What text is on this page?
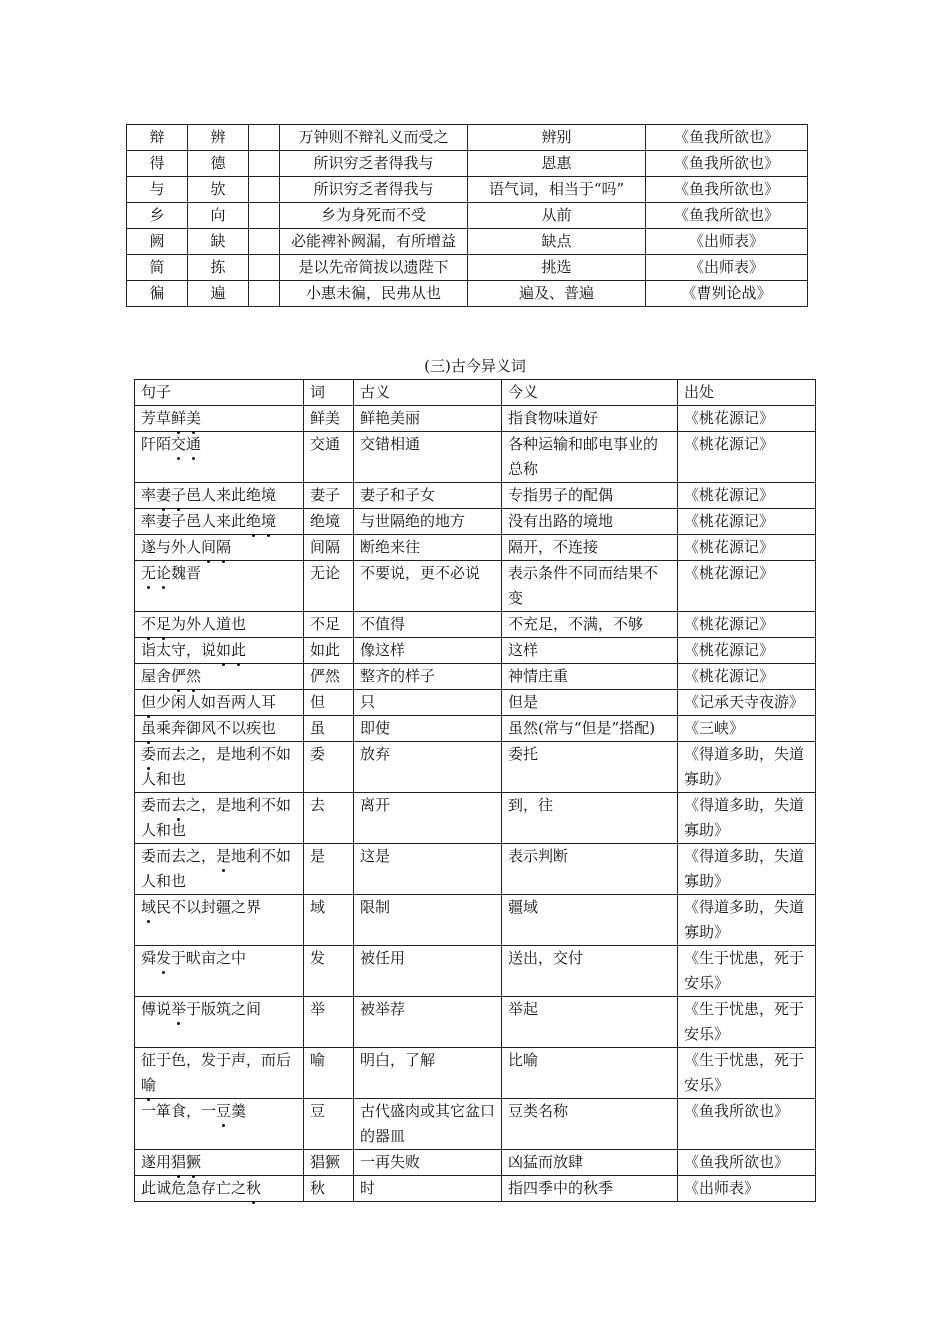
辩	辨		万钟则不辩礼义而受之	辨别	《鱼我所欲也》
得	德		所识穷乏者得我与	恩惠	《鱼我所欲也》
与	欤		所识穷乏者得我与	语气词，相当于“吗”	《鱼我所欲也》
乡	向		乡为身死而不受	从前	《鱼我所欲也》
阙	缺		必能裨补阙漏，有所增益	缺点	《出师表》
简	拣		是以先帝简拔以遗陛下	挑选	《出师表》
徧	遍		小惠未徧，民弗从也	遍及、普遍	《曹刿论战》
(三)古今异义词
句子	词	古义	今义	出处
芳草鲜美	鲜美	鲜艳美丽	指食物味道好	《桃花源记》
阡陌交通	交通	交错相通	各种运输和邮电事业的总称	《桃花源记》
率妻子邑人来此绝境	妻子	妻子和子女	专指男子的配偶	《桃花源记》
率妻子邑人来此绝境	绝境	与世隔绝的地方	没有出路的境地	《桃花源记》
遂与外人间隔	间隔	断绝来往	隔开，不连接	《桃花源记》
无论魏晋	无论	不要说，更不必说	表示条件不同而结果不变	《桃花源记》
不足为外人道也	不足	不值得	不充足，不满，不够	《桃花源记》
诣太守，说如此	如此	像这样	这样	《桃花源记》
屋舍俨然	俨然	整齐的样子	神情庄重	《桃花源记》
但少闲人如吾两人耳	但	只	但是	《记承天寺夜游》
虽乘奔御风不以疾也	虽	即使	虽然(常与“但是”搭配)	《三峡》
委而去之，是地利不如人和也	委	放弃	委托	《得道多助，失道寡助》
委而去之，是地利不如人和也	去	离开	到，往	《得道多助，失道寡助》
委而去之，是地利不如人和也	是	这是	表示判断	《得道多助，失道寡助》
域民不以封疆之界	域	限制	疆域	《得道多助，失道寡助》
舜发于畎亩之中	发	被任用	送出，交付	《生于忧患，死于安乐》
傅说举于版筑之间	举	被举荐	举起	《生于忧患，死于安乐》
征于色，发于声，而后喻	喻	明白，了解	比喻	《生于忧患，死于安乐》
一箪食，一豆羹	豆	古代盛肉或其它盆口的器皿	豆类名称	《鱼我所欲也》
遂用猖獗	猖獗	一再失败	凶猛而放肆	《鱼我所欲也》
此诚危急存亡之秋	秋	时	指四季中的秋季	《出师表》
